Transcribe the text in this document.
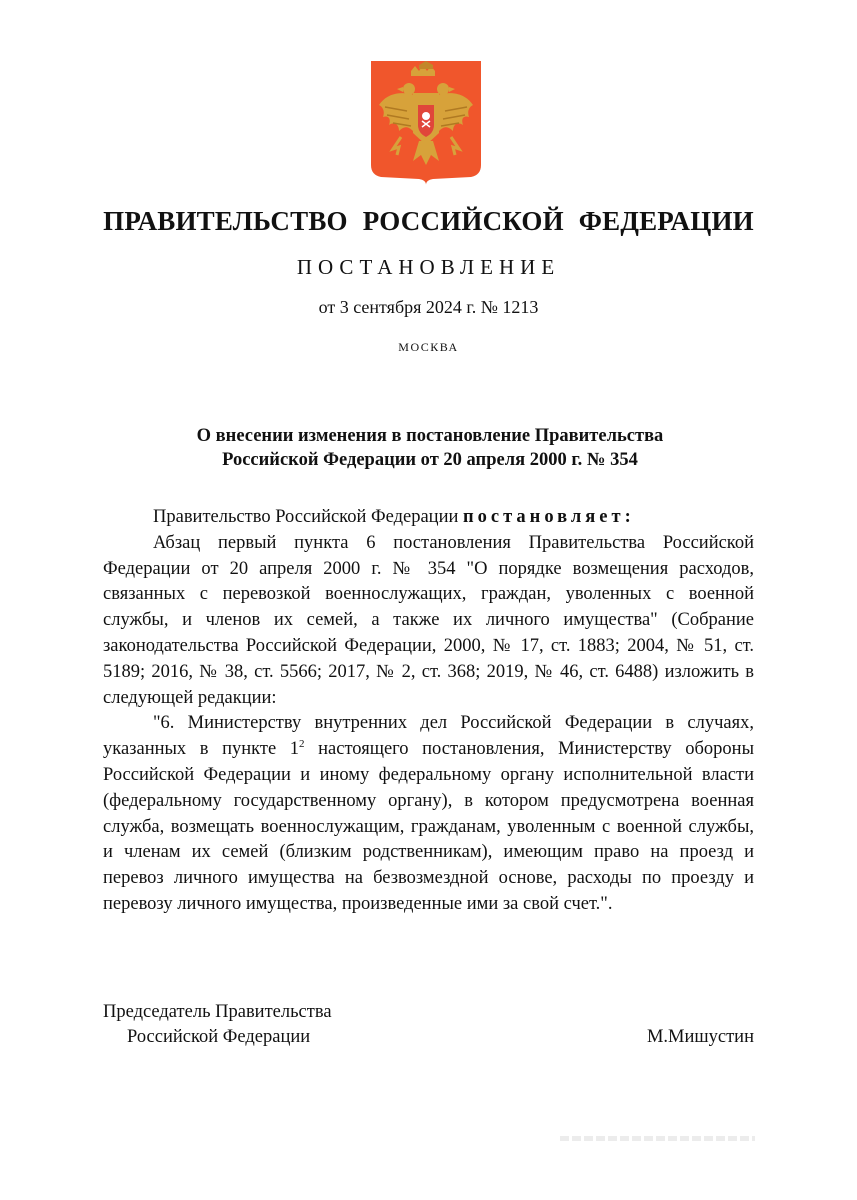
ПРАВИТЕЛЬСТВО РОССИЙСКОЙ ФЕДЕРАЦИИ
ПОСТАНОВЛЕНИЕ
от 3 сентября 2024 г. № 1213
МОСКВА
О внесении изменения в постановление Правительства
Российской Федерации от 20 апреля 2000 г. № 354

Правительство Российской Федерации постановляет:

Абзац первый пункта 6 постановления Правительства Российской Федерации от 20 апреля 2000 г. № 354 "О порядке возмещения расходов, связанных с перевозкой военнослужащих, граждан, уволенных с военной службы, и членов их семей, а также их личного имущества" (Собрание законодательства Российской Федерации, 2000, № 17, ст. 1883; 2004, № 51, ст. 5189; 2016, № 38, ст. 5566; 2017, № 2, ст. 368; 2019, № 46, ст. 6488) изложить в следующей редакции:

"6. Министерству внутренних дел Российской Федерации в случаях, указанных в пункте $1^2$ настоящего постановления, Министерству обороны Российской Федерации и иному федеральному органу исполнительной власти (федеральному государственному органу), в котором предусмотрена военная служба, возмещать военнослужащим, гражданам, уволенным с военной службы, и членам их семей (близким родственникам), имеющим право на проезд и перевоз личного имущества на безвозмездной основе, расходы по проезду и перевозу личного имущества, произведенные ими за свой счет.".

Председатель Правительства
Российской Федерации	М.Мишустин
